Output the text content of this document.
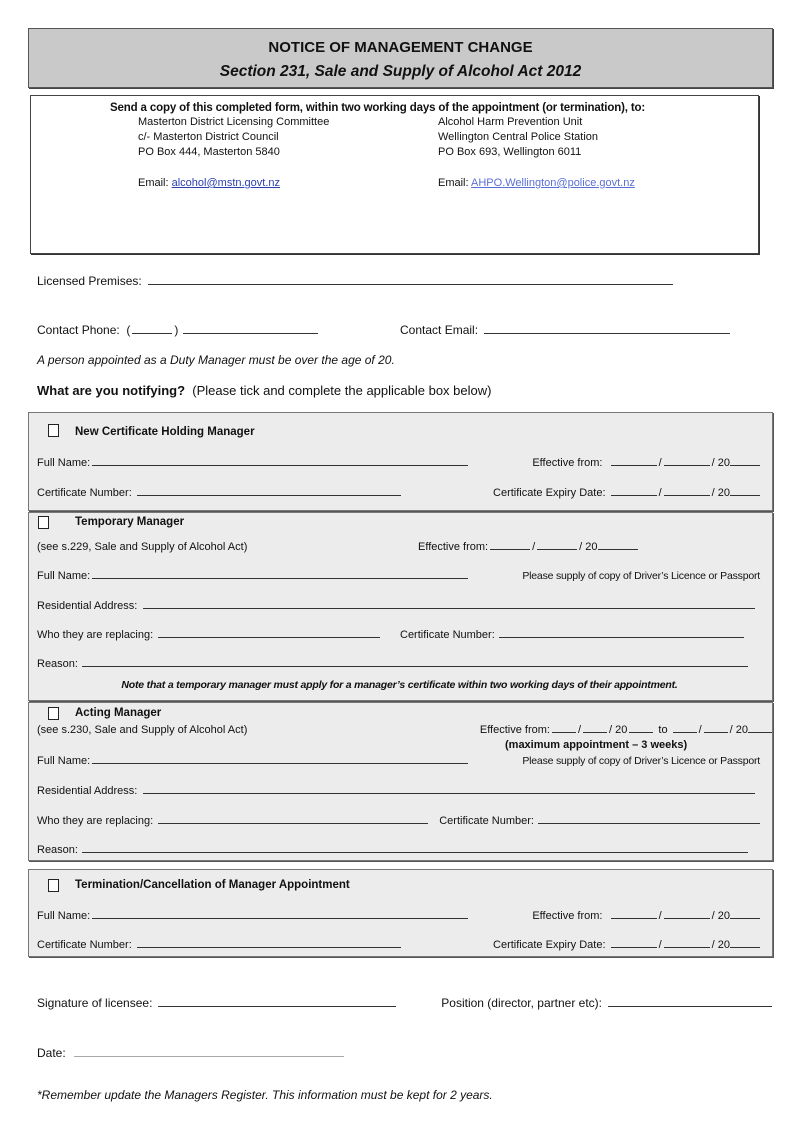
NOTICE OF MANAGEMENT CHANGE
Section 231, Sale and Supply of Alcohol Act 2012
Send a copy of this completed form, within two working days of the appointment (or termination), to:
Masterton District Licensing Committee
c/- Masterton District Council
PO Box 444, Masterton 5840
Email: alcohol@mstn.govt.nz
Alcohol Harm Prevention Unit
Wellington Central Police Station
PO Box 693, Wellington 6011
Email: AHPO.Wellington@police.govt.nz
Licensed Premises:
Contact Phone: (	)	Contact Email:
A person appointed as a Duty Manager must be over the age of 20.
What are you notifying? (Please tick and complete the applicable box below)
New Certificate Holding Manager
Full Name:	Effective from:	/	/ 20
Certificate Number:	Certificate Expiry Date:	/	/ 20
Temporary Manager
(see s.229, Sale and Supply of Alcohol Act)	Effective from:	/	/ 20
Full Name:	Please supply of copy of Driver’s Licence or Passport
Residential Address:
Who they are replacing:	Certificate Number:
Reason:
Note that a temporary manager must apply for a manager’s certificate within two working days of their appointment.
Acting Manager
(see s.230, Sale and Supply of Alcohol Act)	Effective from:	/	/ 20	to	/	/ 20
(maximum appointment – 3 weeks)
Full Name:	Please supply of copy of Driver’s Licence or Passport
Residential Address:
Who they are replacing:	Certificate Number:
Reason:
Termination/Cancellation of Manager Appointment
Full Name:	Effective from:	/	/ 20
Certificate Number:	Certificate Expiry Date:	/	/ 20
Signature of licensee:	Position (director, partner etc):
Date:
*Remember update the Managers Register. This information must be kept for 2 years.
